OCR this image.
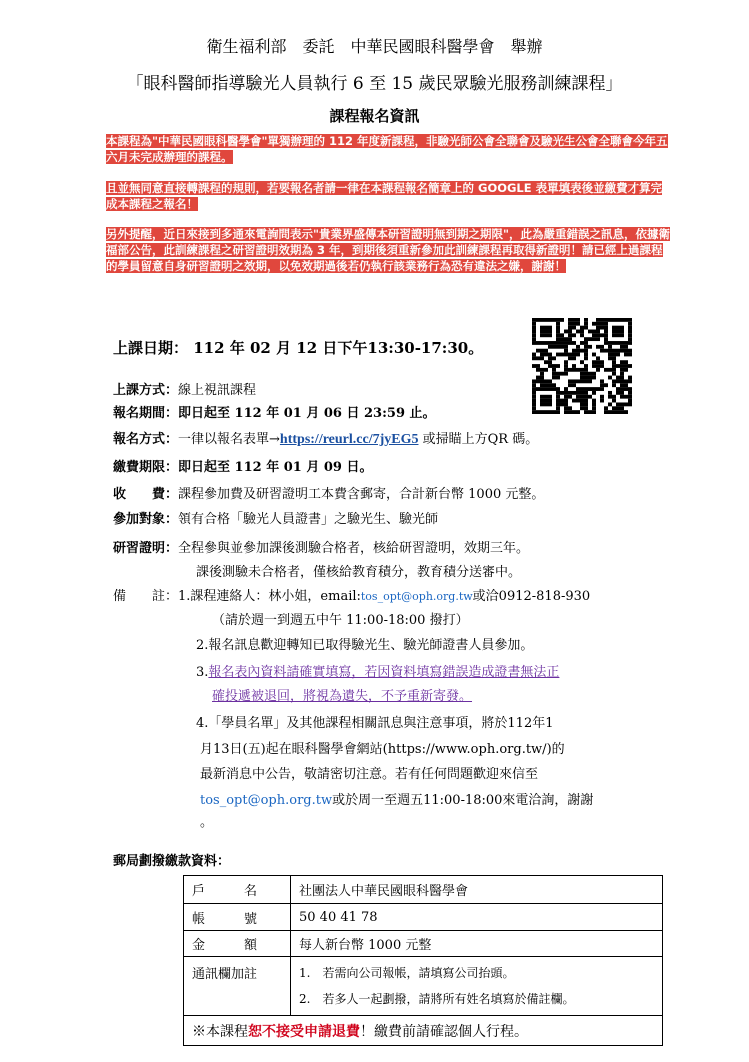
衛生福利部　委託　中華民國眼科醫學會　舉辦
「眼科醫師指導驗光人員執行 6 至 15 歲民眾驗光服務訓練課程」
課程報名資訊
本課程為"中華民國眼科醫學會"單獨辦理的 112 年度新課程，非驗光師公會全聯會及驗光生公會全聯會今年五六月未完成辦理的課程。
且並無同意直接轉課程的規則，若要報名者請一律在本課程報名簡章上的 GOOGLE 表單填表後並繳費才算完成本課程之報名！
另外提醒，近日來接到多通來電詢問表示"貴業界盛傳本研習證明無到期之期限"，此為嚴重錯誤之訊息，依據衛福部公告，此訓練課程之研習證明效期為 3 年，到期後須重新參加此訓練課程再取得新證明！請已經上過課程的學員留意自身研習證明之效期，以免效期過後若仍執行該業務行為恐有違法之嫌，謝謝！
上課日期： 112 年 02 月 12 日下午13:30-17:30。
上課方式：線上視訊課程
報名期間：即日起至 112 年 01 月 06 日 23:59 止。
報名方式：一律以報名表單→https://reurl.cc/7jyEG5 或掃瞄上方QR 碼。
繳費期限：即日起至 112 年 01 月 09 日。
收　　費：課程參加費及研習證明工本費含郵寄，合計新台幣 1000 元整。
參加對象：領有合格「驗光人員證書」之驗光生、驗光師
研習證明：全程參與並參加課後測驗合格者，核給研習證明，效期三年。
課後測驗未合格者，僅核給教育積分，教育積分送審中。
備　　註：1.課程連絡人：林小姐，email:tos_opt@oph.org.tw或洽0912-818-930
（請於週一到週五中午 11:00-18:00 撥打）
2.報名訊息歡迎轉知已取得驗光生、驗光師證書人員參加。
3.報名表內資料請確實填寫，若因資料填寫錯誤造成證書無法正
確投遞被退回，將視為遺失，不予重新寄發。
4.「學員名單」及其他課程相關訊息與注意事項，將於112年1
月13日(五)起在眼科醫學會網站(https://www.oph.org.tw/)的
最新消息中公告，敬請密切注意。若有任何問題歡迎來信至
tos_opt@oph.org.tw或於周一至週五11:00-18:00來電洽詢，謝謝
。
郵局劃撥繳款資料：
戶　　　名	社團法人中華民國眼科醫學會
帳　　　號	50 40 41 78
金　　　額	每人新台幣 1000 元整
通訊欄加註	1.　若需向公司報帳，請填寫公司抬頭。
2.　若多人一起劃撥，請將所有姓名填寫於備註欄。

※本課程恕不接受申請退費！繳費前請確認個人行程。	
